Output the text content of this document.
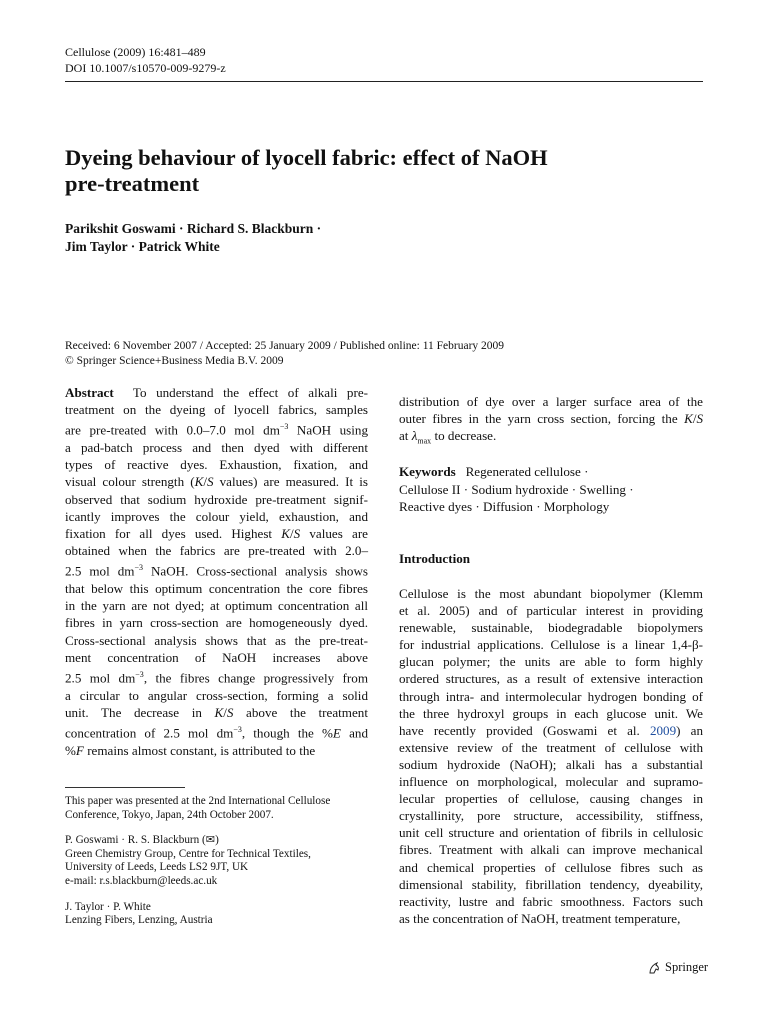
Cellulose (2009) 16:481–489
DOI 10.1007/s10570-009-9279-z
Dyeing behaviour of lyocell fabric: effect of NaOH
pre-treatment
Parikshit Goswami · Richard S. Blackburn ·
Jim Taylor · Patrick White
Received: 6 November 2007 / Accepted: 25 January 2009 / Published online: 11 February 2009
© Springer Science+Business Media B.V. 2009
Abstract  To understand the effect of alkali pre-
treatment on the dyeing of lyocell fabrics, samples
are pre-treated with 0.0–7.0 mol $dm^{-3}$ NaOH using
a pad-batch process and then dyed with different
types of reactive dyes. Exhaustion, fixation, and
visual colour strength (K/S values) are measured. It is
observed that sodium hydroxide pre-treatment signif-
icantly improves the colour yield, exhaustion, and
fixation for all dyes used. Highest K/S values are
obtained when the fabrics are pre-treated with 2.0–
2.5 mol $dm^{-3}$ NaOH. Cross-sectional analysis shows
that below this optimum concentration the core fibres
in the yarn are not dyed; at optimum concentration all
fibres in yarn cross-section are homogeneously dyed.
Cross-sectional analysis shows that as the pre-treat-
ment concentration of NaOH increases above
2.5 mol $dm^{-3}$, the fibres change progressively from
a circular to angular cross-section, forming a solid
unit. The decrease in K/S above the treatment
concentration of 2.5 mol $dm^{-3}$, though the %E and
%F remains almost constant, is attributed to the
distribution of dye over a larger surface area of the
outer fibres in the yarn cross section, forcing the K/S
at $\lambda_{max}$ to decrease.
Keywords   Regenerated cellulose ·
Cellulose II · Sodium hydroxide · Swelling ·
Reactive dyes · Diffusion · Morphology
Introduction
Cellulose is the most abundant biopolymer (Klemm
et al. 2005) and of particular interest in providing
renewable, sustainable, biodegradable biopolymers
for industrial applications. Cellulose is a linear 1,4-β-
glucan polymer; the units are able to form highly
ordered structures, as a result of extensive interaction
through intra- and intermolecular hydrogen bonding of
the three hydroxyl groups in each glucose unit. We
have recently provided (Goswami et al. 2009) an
extensive review of the treatment of cellulose with
sodium hydroxide (NaOH); alkali has a substantial
influence on morphological, molecular and supramo-
lecular properties of cellulose, causing changes in
crystallinity, pore structure, accessibility, stiffness,
unit cell structure and orientation of fibrils in cellulosic
fibres. Treatment with alkali can improve mechanical
and chemical properties of cellulose fibres such as
dimensional stability, fibrillation tendency, dyeability,
reactivity, lustre and fabric smoothness. Factors such
as the concentration of NaOH, treatment temperature,

This paper was presented at the 2nd International Cellulose
Conference, Tokyo, Japan, 24th October 2007.

P. Goswami · R. S. Blackburn (✉)
Green Chemistry Group, Centre for Technical Textiles,
University of Leeds, Leeds LS2 9JT, UK
e-mail: r.s.blackburn@leeds.ac.uk

J. Taylor · P. White
Lenzing Fibers, Lenzing, Austria

Springer
